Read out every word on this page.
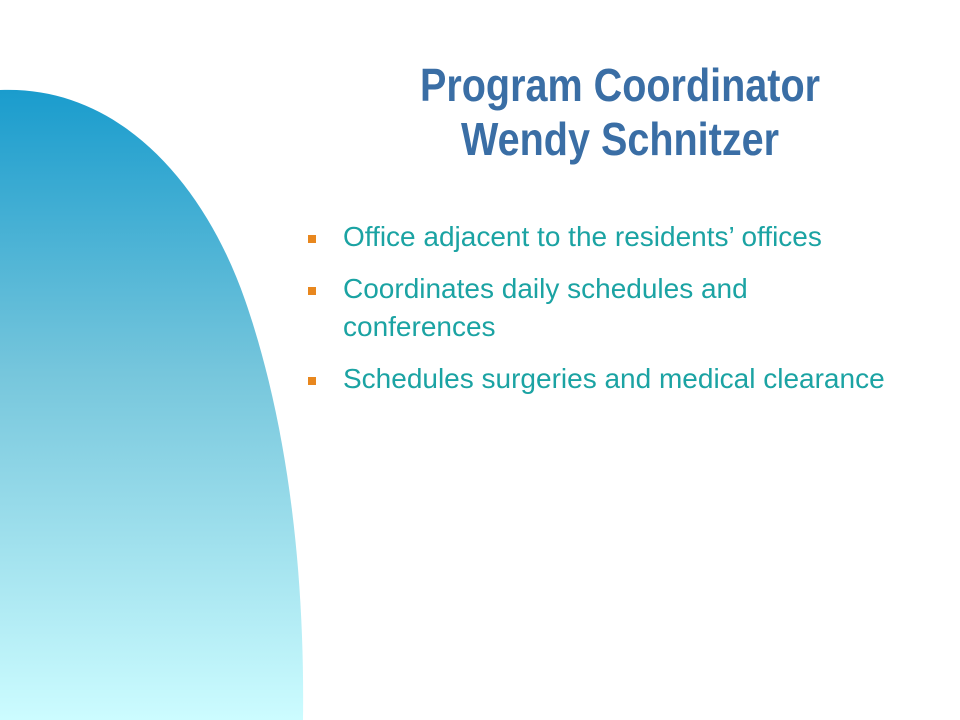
Program Coordinator
Wendy Schnitzer
Office adjacent to the residents’ offices
Coordinates daily schedules and conferences
Schedules surgeries and medical clearance
